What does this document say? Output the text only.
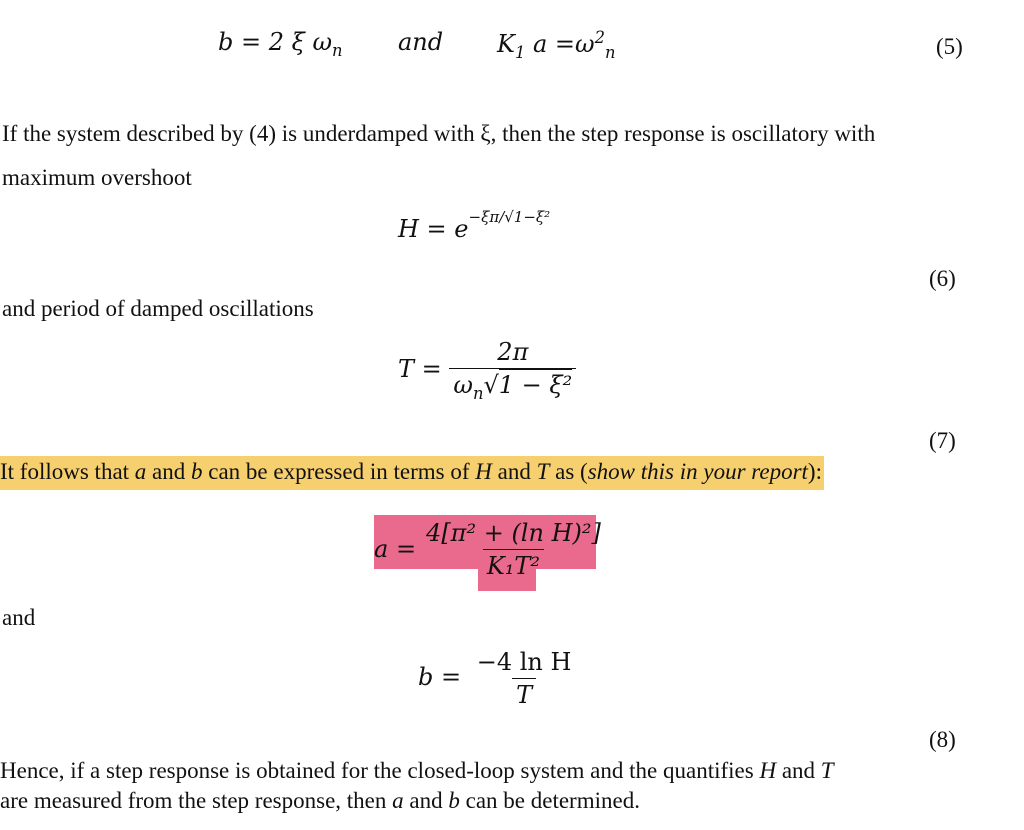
b = 2 ξ $\omega_n$ and $K_1$ $a =\omega^2_n$	(5)
If the system described by (4) is underdamped with ξ, then the step response is oscillatory with
maximum overshoot
$H = e^{-\xi\pi/√1-\xi^2}$
(6)
and period of damped oscillations
$T = \frac{2\pi}{\omega_n√1 - \xi^2}$
(7)
It follows that a and b can be expressed in terms of H and T as (show this in your report):
$a = \frac{\text{4[π² + (ln H)²]}}{\text{K₁T²}}$
and
$b = \frac{\text{−4 ln H}}{T}$
(8)
Hence, if a step response is obtained for the closed-loop system and the quantifies H and T
are measured from the step response, then a and b can be determined.
